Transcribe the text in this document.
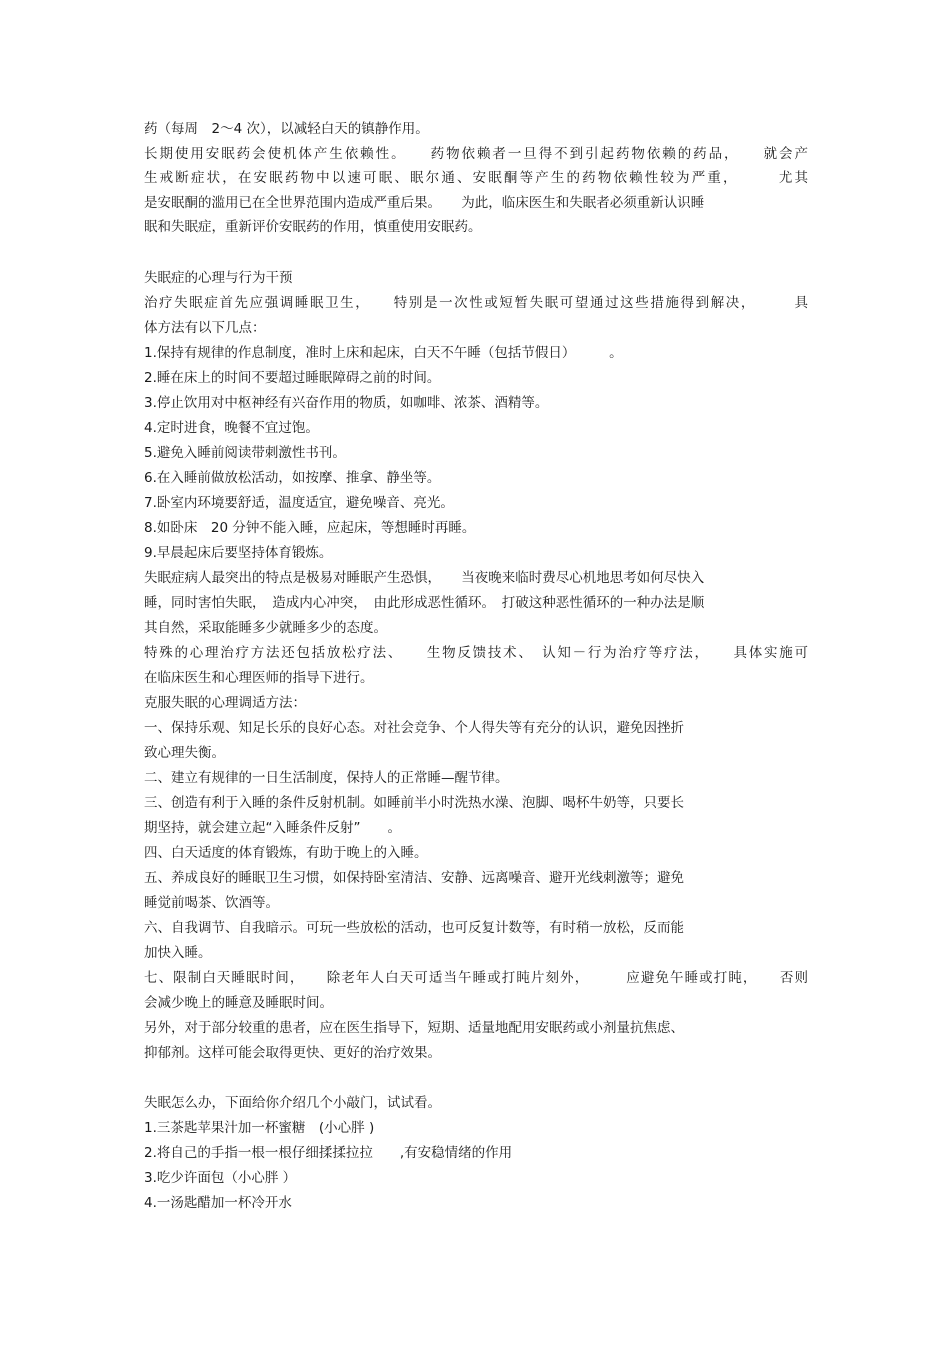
药（每周　2～4 次），以减轻白天的镇静作用。
长期使用安眠药会使机体产生依赖性。　　药物依赖者一旦得不到引起药物依赖的药品，　　就会产
生戒断症状，在安眠药物中以速可眠、眠尔通、安眠酮等产生的药物依赖性较为严重，　　　尤其
是安眠酮的滥用已在全世界范围内造成严重后果。　　为此，临床医生和失眠者必须重新认识睡
眠和失眠症，重新评价安眠药的作用，慎重使用安眠药。
失眠症的心理与行为干预
治疗失眠症首先应强调睡眠卫生，　　特别是一次性或短暂失眠可望通过这些措施得到解决，　　　具
体方法有以下几点：
1.保持有规律的作息制度，准时上床和起床，白天不午睡（包括节假日）　　　。
2.睡在床上的时间不要超过睡眠障碍之前的时间。
3.停止饮用对中枢神经有兴奋作用的物质，如咖啡、浓茶、酒精等。
4.定时进食，晚餐不宜过饱。
5.避免入睡前阅读带刺激性书刊。
6.在入睡前做放松活动，如按摩、推拿、静坐等。
7.卧室内环境要舒适，温度适宜，避免噪音、亮光。
8.如卧床　20 分钟不能入睡，应起床，等想睡时再睡。
9.早晨起床后要坚持体育锻炼。
失眠症病人最突出的特点是极易对睡眠产生恐惧，　　当夜晚来临时费尽心机地思考如何尽快入
睡，同时害怕失眠，　造成内心冲突，　由此形成恶性循环。　打破这种恶性循环的一种办法是顺
其自然，采取能睡多少就睡多少的态度。
特殊的心理治疗方法还包括放松疗法、　　生物反馈技术、　认知－行为治疗等疗法，　　具体实施可
在临床医生和心理医师的指导下进行。
克服失眠的心理调适方法：
一、保持乐观、知足长乐的良好心态。对社会竞争、个人得失等有充分的认识，避免因挫折
致心理失衡。
二、建立有规律的一日生活制度，保持人的正常睡—醒节律。
三、创造有利于入睡的条件反射机制。如睡前半小时洗热水澡、泡脚、喝杯牛奶等，只要长
期坚持，就会建立起“入睡条件反射”　　。
四、白天适度的体育锻炼，有助于晚上的入睡。
五、养成良好的睡眠卫生习惯，如保持卧室清洁、安静、远离噪音、避开光线刺激等；避免
睡觉前喝茶、饮酒等。
六、自我调节、自我暗示。可玩一些放松的活动，也可反复计数等，有时稍一放松，反而能
加快入睡。
七、限制白天睡眠时间，　　除老年人白天可适当午睡或打盹片刻外，　　　应避免午睡或打盹，　　否则
会减少晚上的睡意及睡眠时间。
另外，对于部分较重的患者，应在医生指导下，短期、适量地配用安眠药或小剂量抗焦虑、
抑郁剂。这样可能会取得更快、更好的治疗效果。
失眠怎么办，下面给你介绍几个小敲门，试试看。
1.三茶匙苹果汁加一杯蜜糖　(小心胖 )
2.将自己的手指一根一根仔细揉揉拉拉　　,有安稳情绪的作用
3.吃少许面包（小心胖 ）
4.一汤匙醋加一杯冷开水
